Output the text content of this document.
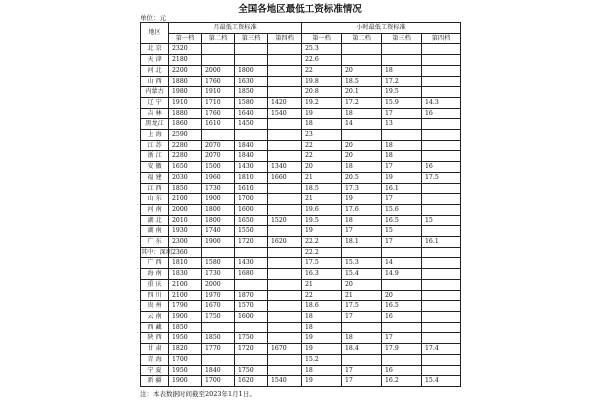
全国各地区最低工资标准情况
单位：元
地区	月最低工资标准				小时最低工资标准			
	第一档	第二档	第三档	第四档	第一档	第二档	第三档	第四档
北 京	2320				25.3			
天 津	2180				22.6			
河 北	2200	2000	1800		22	20	18	
山 西	1880	1760	1630		19.8	18.5	17.2	
内蒙古	1980	1910	1850		20.8	20.1	19.5	
辽 宁	1910	1710	1580	1420	19.2	17.2	15.9	14.3
吉 林	1880	1760	1640	1540	19	18	17	16
黑龙江	1860	1610	1450		18	14	13	
上 海	2590				23			
江 苏	2280	2070	1840		22	20	18	
浙 江	2280	2070	1840		22	20	18	
安 徽	1650	1500	1430	1340	20	18	17	16
福 建	2030	1960	1810	1660	21	20.5	19	17.5
江 西	1850	1730	1610		18.5	17.3	16.1	
山 东	2100	1900	1700		21	19	17	
河 南	2000	1800	1600		19.6	17.6	15.6	
湖 北	2010	1800	1650	1520	19.5	18	16.5	15
湖 南	1930	1740	1550		19	17	15	
广 东	2300	1900	1720	1620	22.2	18.1	17	16.1
其中：深圳	2360				22.2			
广 西	1810	1580	1430		17.5	15.3	14	
海 南	1830	1730	1680		16.3	15.4	14.9	
重 庆	2100	2000			21	20		
四 川	2100	1970	1870		22	21	20	
贵 州	1790	1670	1570		18.6	17.5	16.5	
云 南	1900	1750	1600		18	17	16	
西 藏	1850				18			
陕 西	1950	1850	1750		19	18	17	
甘 肃	1820	1770	1720	1670	19	18.4	17.9	17.4
青 海	1700				15.2			
宁 夏	1950	1840	1750		18	17	16	
新 疆	1900	1700	1620	1540	19	17	16.2	15.4
注：本表数据时间截至2023年1月1日。
